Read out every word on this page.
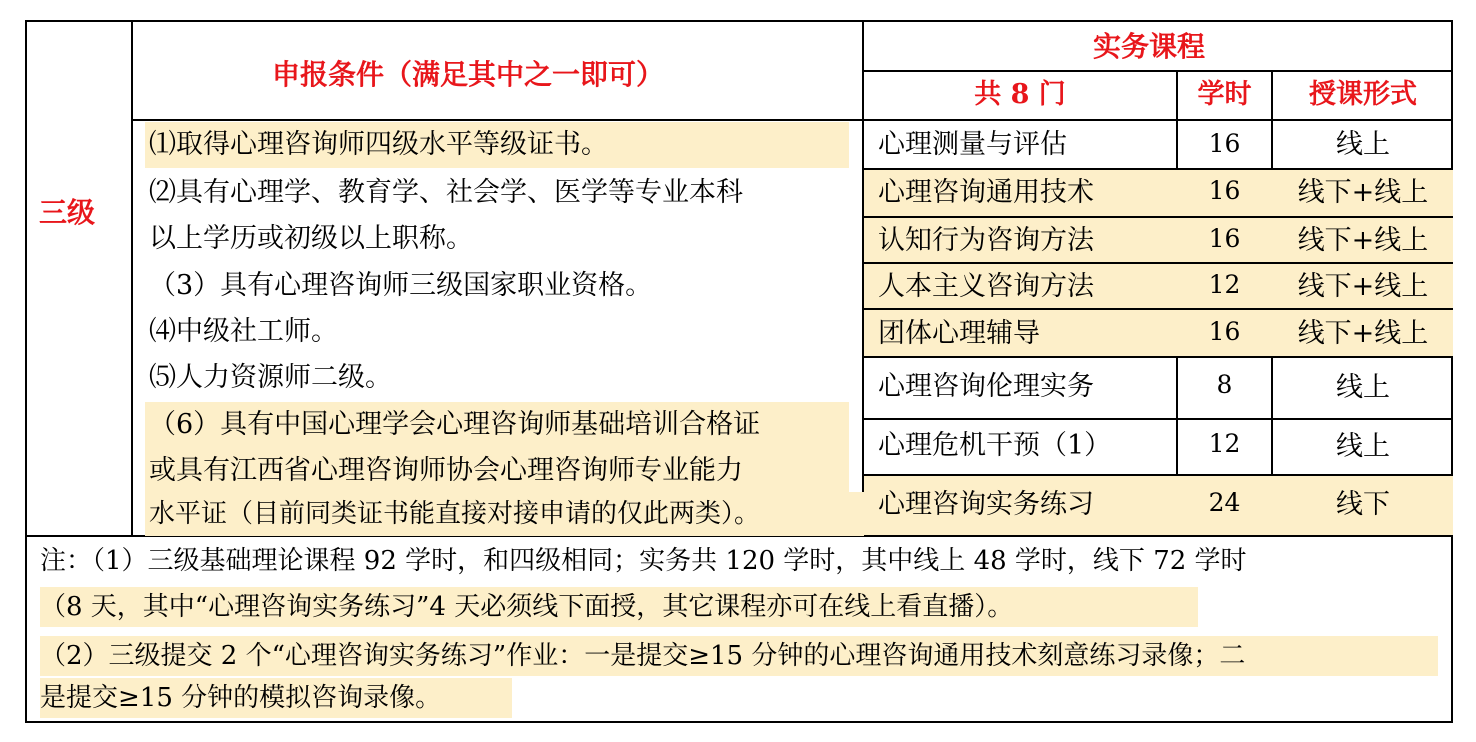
三级
申报条件（满足其中之一即可）
实务课程
共 8 门	学时	授课形式
⑴取得心理咨询师四级水平等级证书。
⑵具有心理学、教育学、社会学、医学等专业本科
以上学历或初级以上职称。
（3）具有心理咨询师三级国家职业资格。
⑷中级社工师。
⑸人力资源师二级。
（6）具有中国心理学会心理咨询师基础培训合格证
或具有江西省心理咨询师协会心理咨询师专业能力
水平证（目前同类证书能直接对接申请的仅此两类）。
心理测量与评估	16	线上
心理咨询通用技术	16	线下+线上
认知行为咨询方法	16	线下+线上
人本主义咨询方法	12	线下+线上
团体心理辅导	16	线下+线上
心理咨询伦理实务	8	线上
心理危机干预（1）	12	线上
心理咨询实务练习	24	线下
注：（1）三级基础理论课程 92 学时，和四级相同；实务共 120 学时，其中线上 48 学时，线下 72 学时
（8 天，其中“心理咨询实务练习”4 天必须线下面授，其它课程亦可在线上看直播）。
（2）三级提交 2 个“心理咨询实务练习”作业：一是提交≥15 分钟的心理咨询通用技术刻意练习录像；二
是提交≥15 分钟的模拟咨询录像。
